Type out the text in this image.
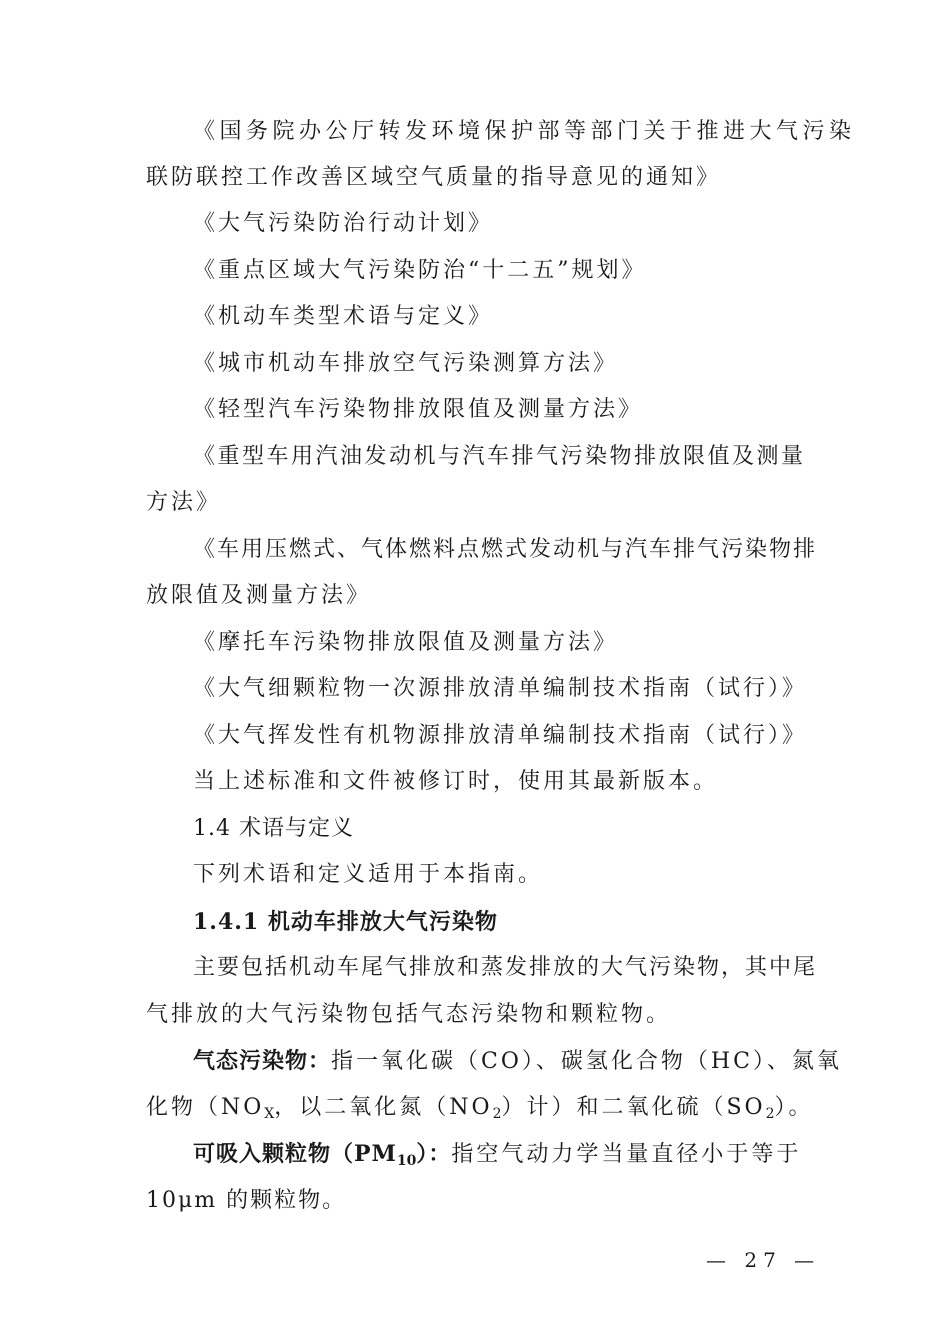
《国务院办公厅转发环境保护部等部门关于推进大气污染
联防联控工作改善区域空气质量的指导意见的通知》
《大气污染防治行动计划》
《重点区域大气污染防治“十二五”规划》
《机动车类型术语与定义》
《城市机动车排放空气污染测算方法》
《轻型汽车污染物排放限值及测量方法》
《重型车用汽油发动机与汽车排气污染物排放限值及测量
方法》
《车用压燃式、气体燃料点燃式发动机与汽车排气污染物排
放限值及测量方法》
《摩托车污染物排放限值及测量方法》
《大气细颗粒物一次源排放清单编制技术指南（试行）》
《大气挥发性有机物源排放清单编制技术指南（试行）》
当上述标准和文件被修订时，使用其最新版本。
1.4 术语与定义
下列术语和定义适用于本指南。
1.4.1 机动车排放大气污染物
主要包括机动车尾气排放和蒸发排放的大气污染物，其中尾
气排放的大气污染物包括气态污染物和颗粒物。
气态污染物：指一氧化碳（CO）、碳氢化合物（HC）、氮氧
化物（$NO_X$，以二氧化氮$(NO_2)$计）和二氧化硫$(SO_2)$。
可吸入颗粒物$(PM_{10})$：指空气动力学当量直径小于等于
10μm 的颗粒物。
— 27 —
